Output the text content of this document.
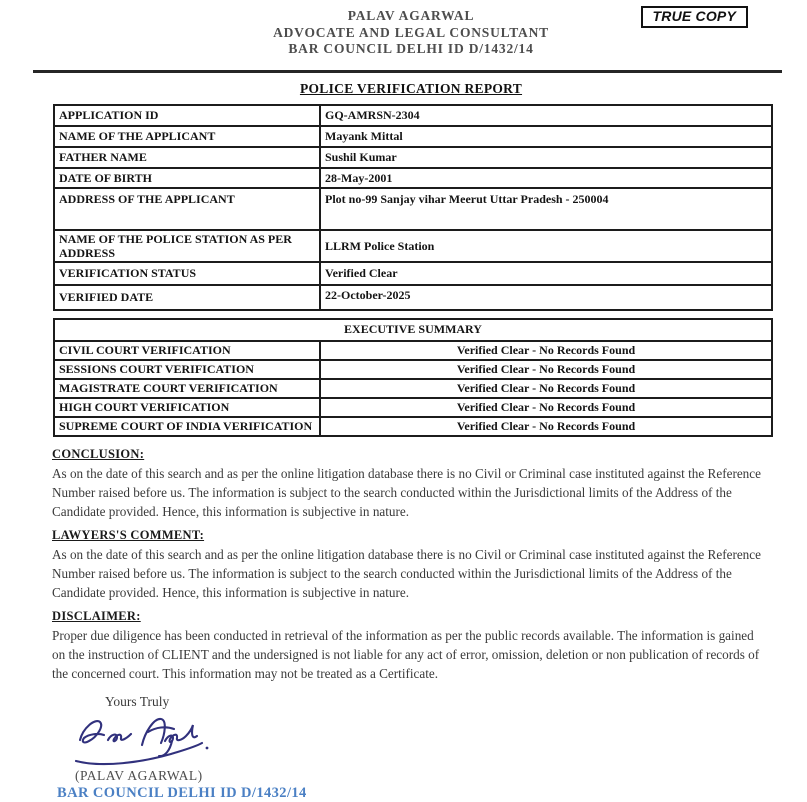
TRUE COPY
PALAV AGARWAL
ADVOCATE AND LEGAL CONSULTANT
BAR COUNCIL DELHI ID D/1432/14
POLICE VERIFICATION REPORT
APPLICATION ID	GQ-AMRSN-2304
NAME OF THE APPLICANT	Mayank Mittal
FATHER NAME	Sushil Kumar
DATE OF BIRTH	28-May-2001
ADDRESS OF THE APPLICANT	Plot no-99 Sanjay vihar Meerut Uttar Pradesh - 250004
NAME OF THE POLICE STATION AS PER ADDRESS	LLRM Police Station
VERIFICATION STATUS	Verified Clear
VERIFIED DATE	22-October-2025
EXECUTIVE SUMMARY	
CIVIL COURT VERIFICATION	Verified Clear - No Records Found
SESSIONS COURT VERIFICATION	Verified Clear - No Records Found
MAGISTRATE COURT VERIFICATION	Verified Clear - No Records Found
HIGH COURT VERIFICATION	Verified Clear - No Records Found
SUPREME COURT OF INDIA VERIFICATION	Verified Clear - No Records Found
CONCLUSION:
As on the date of this search and as per the online litigation database there is no Civil or Criminal case instituted against the Reference Number raised before us. The information is subject to the search conducted within the Jurisdictional limits of the Address of the Candidate provided. Hence, this information is subjective in nature.
LAWYERS'S COMMENT:
As on the date of this search and as per the online litigation database there is no Civil or Criminal case instituted against the Reference Number raised before us. The information is subject to the search conducted within the Jurisdictional limits of the Address of the Candidate provided. Hence, this information is subjective in nature.
DISCLAIMER:
Proper due diligence has been conducted in retrieval of the information as per the public records available. The information is gained on the instruction of CLIENT and the undersigned is not liable for any act of error, omission, deletion or non publication of records of the concerned court. This information may not be treated as a Certificate.
Yours Truly
(PALAV AGARWAL)
BAR COUNCIL DELHI ID D/1432/14
